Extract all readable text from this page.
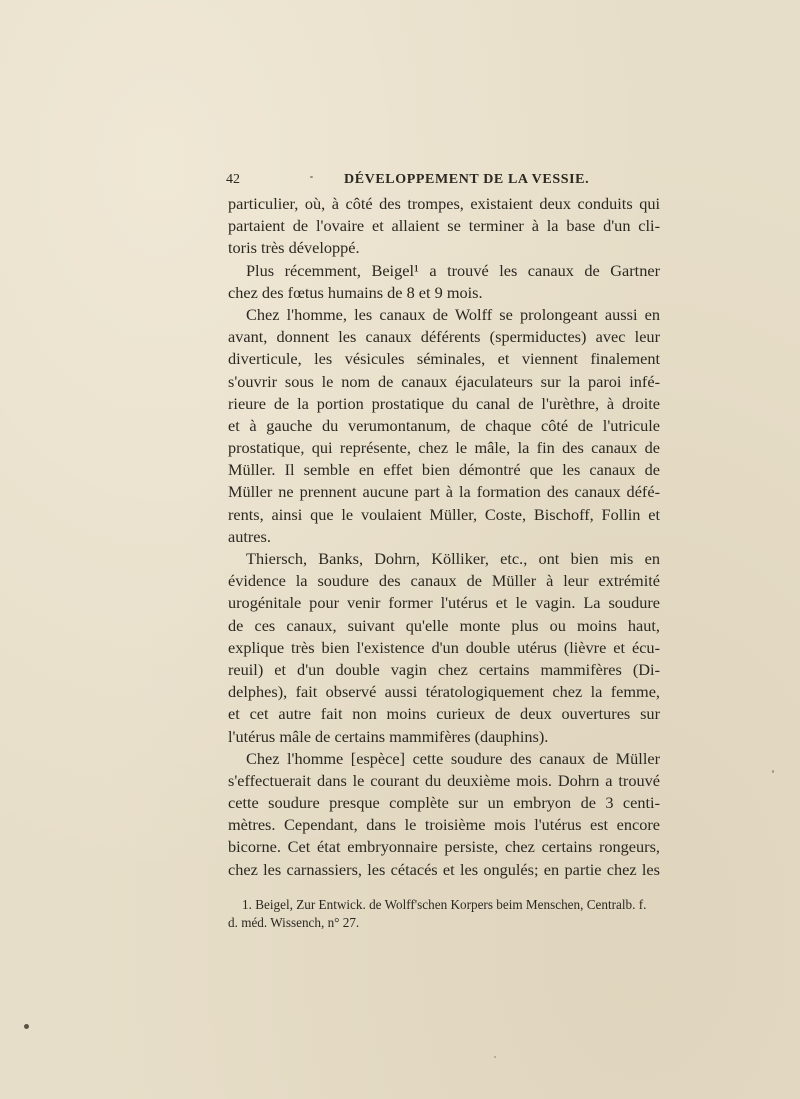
42	DÉVELOPPEMENT DE LA VESSIE.
particulier, où, à côté des trompes, existaient deux conduits qui
partaient de l'ovaire et allaient se terminer à la base d'un cli-
toris très développé.
Plus récemment, Beigel¹ a trouvé les canaux de Gartner
chez des fœtus humains de 8 et 9 mois.
Chez l'homme, les canaux de Wolff se prolongeant aussi en
avant, donnent les canaux déférents (spermiductes) avec leur
diverticule, les vésicules séminales, et viennent finalement
s'ouvrir sous le nom de canaux éjaculateurs sur la paroi infé-
rieure de la portion prostatique du canal de l'urèthre, à droite
et à gauche du verumontanum, de chaque côté de l'utricule
prostatique, qui représente, chez le mâle, la fin des canaux de
Müller. Il semble en effet bien démontré que les canaux de
Müller ne prennent aucune part à la formation des canaux défé-
rents, ainsi que le voulaient Müller, Coste, Bischoff, Follin et
autres.
Thiersch, Banks, Dohrn, Kölliker, etc., ont bien mis en
évidence la soudure des canaux de Müller à leur extrémité
urogénitale pour venir former l'utérus et le vagin. La soudure
de ces canaux, suivant qu'elle monte plus ou moins haut,
explique très bien l'existence d'un double utérus (lièvre et écu-
reuil) et d'un double vagin chez certains mammifères (Di-
delphes), fait observé aussi tératologiquement chez la femme,
et cet autre fait non moins curieux de deux ouvertures sur
l'utérus mâle de certains mammifères (dauphins).
Chez l'homme [espèce] cette soudure des canaux de Müller
s'effectuerait dans le courant du deuxième mois. Dohrn a trouvé
cette soudure presque complète sur un embryon de 3 centi-
mètres. Cependant, dans le troisième mois l'utérus est encore
bicorne. Cet état embryonnaire persiste, chez certains rongeurs,
chez les carnassiers, les cétacés et les ongulés; en partie chez les
1. Beigel, Zur Entwick. de Wolff'schen Korpers beim Menschen, Centralb. f.
d. méd. Wissench, n° 27.
